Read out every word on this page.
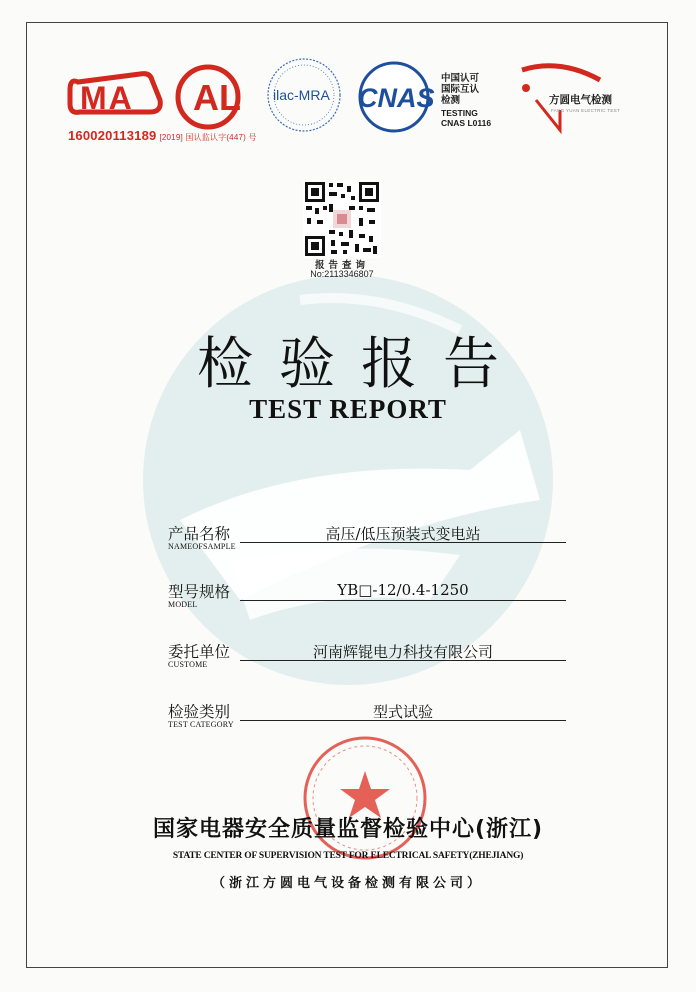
MA AL ilac-MRA CNAS
160020113189 [2019] 国认监认字(447) 号
中国认可
国际互认
检测
TESTING
CNAS L0116
方圆电气检测
FANG YUAN ELECTRIC TEST
报告查询
No:2113346807
检验报告
TEST REPORT
产品名称
NAMEOFSAMPLE
高压/低压预装式变电站
型号规格
MODEL
YB□-12/0.4-1250
委托单位
CUSTOME
河南辉锟电力科技有限公司
检验类别
TEST CATEGORY
型式试验
国家电器安全质量监督检验中心(浙江)
STATE CENTER OF SUPERVISION TEST FOR ELECTRICAL SAFETY(ZHEJIANG)
（浙江方圆电气设备检测有限公司）
